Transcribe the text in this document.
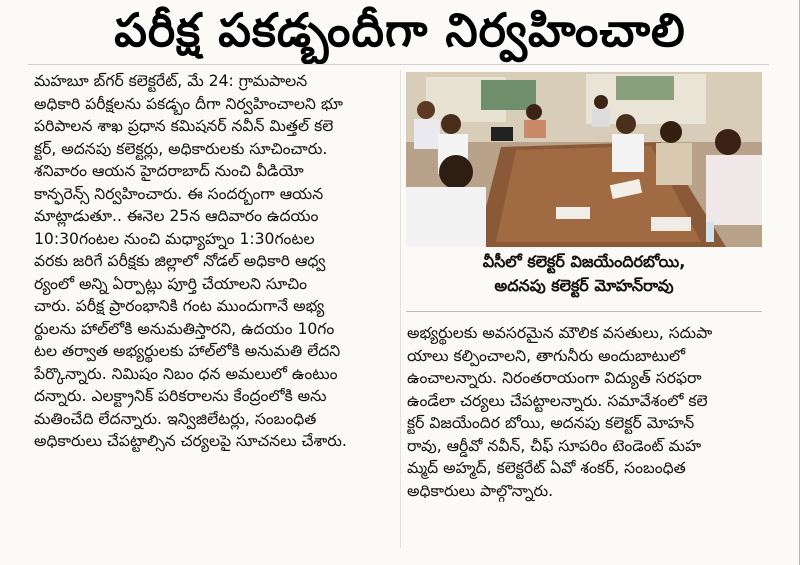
పరీక్ష పకడ్బందీగా నిర్వహించాలి

మహబూ బ్‌గర్ కలెక్టరేట్, మే 24: గ్రామపాలన

అధికారి పరీక్షలను పకడ్బం దీగా నిర్వహించాలని భూ

పరిపాలన శాఖ ప్రధాన కమిషనర్ నవీన్ మిత్తల్ కలె

క్టర్, అదనపు కలెక్టర్లు, అధికారులకు సూచించారు.

శనివారం ఆయన హైదరాబాద్ నుంచి వీడియో

కాన్ఫరెన్స్ నిర్వహించారు. ఈ సందర్భంగా ఆయన

మాట్లాడుతూ.. ఈనెల 25న ఆదివారం ఉదయం

10:30గంటల నుంచి మధ్యాహ్నం 1:30గంటల

వరకు జరిగే పరీక్షకు జిల్లాలో నోడల్ అధికారి ఆధ్వ

ర్యంలో అన్ని ఏర్పాట్లు పూర్తి చేయాలని సూచిం

చారు. పరీక్ష ప్రారంభానికి గంట ముందుగానే అభ్య

ర్థులను హాల్‌లోకి అనుమతిస్తారని, ఉదయం 10గం

టల తర్వాత అభ్యర్థులకు హాల్‌లోకి అనుమతి లేదని

పేర్కొన్నారు. నిమిషం నిబం ధన అమలులో ఉంటుం

దన్నారు. ఎలక్ట్రానిక్ పరికరాలను కేంద్రంలోకి అను

మతించేది లేదన్నారు. ఇన్విజిలేటర్లు, సంబంధిత

అధికారులు చేపట్టాల్సిన చర్యలపై సూచనలు చేశారు.

వీసీలో కలెక్టర్ విజయేందిరబోయి,
అదనపు కలెక్టర్ మోహన్‌రావు

అభ్యర్థులకు అవసరమైన మౌలిక వసతులు, సదుపా

యాలు కల్పించాలని, తాగునీరు అందుబాటులో

ఉంచాలన్నారు. నిరంతరాయంగా విద్యుత్ సరఫరా

ఉండేలా చర్యలు చేపట్టాలన్నారు. సమావేశంలో కలె

క్టర్ విజయేందిర బోయి, అదనపు కలెక్టర్ మోహన్

రావు, ఆర్డీవో నవీన్, చీఫ్ సూపరిం టెండెంట్ మహ

మ్మద్ అహ్మద్, కలెక్టరేట్ ఏవో శంకర్, సంబంధిత

అధికారులు పాల్గొన్నారు.
